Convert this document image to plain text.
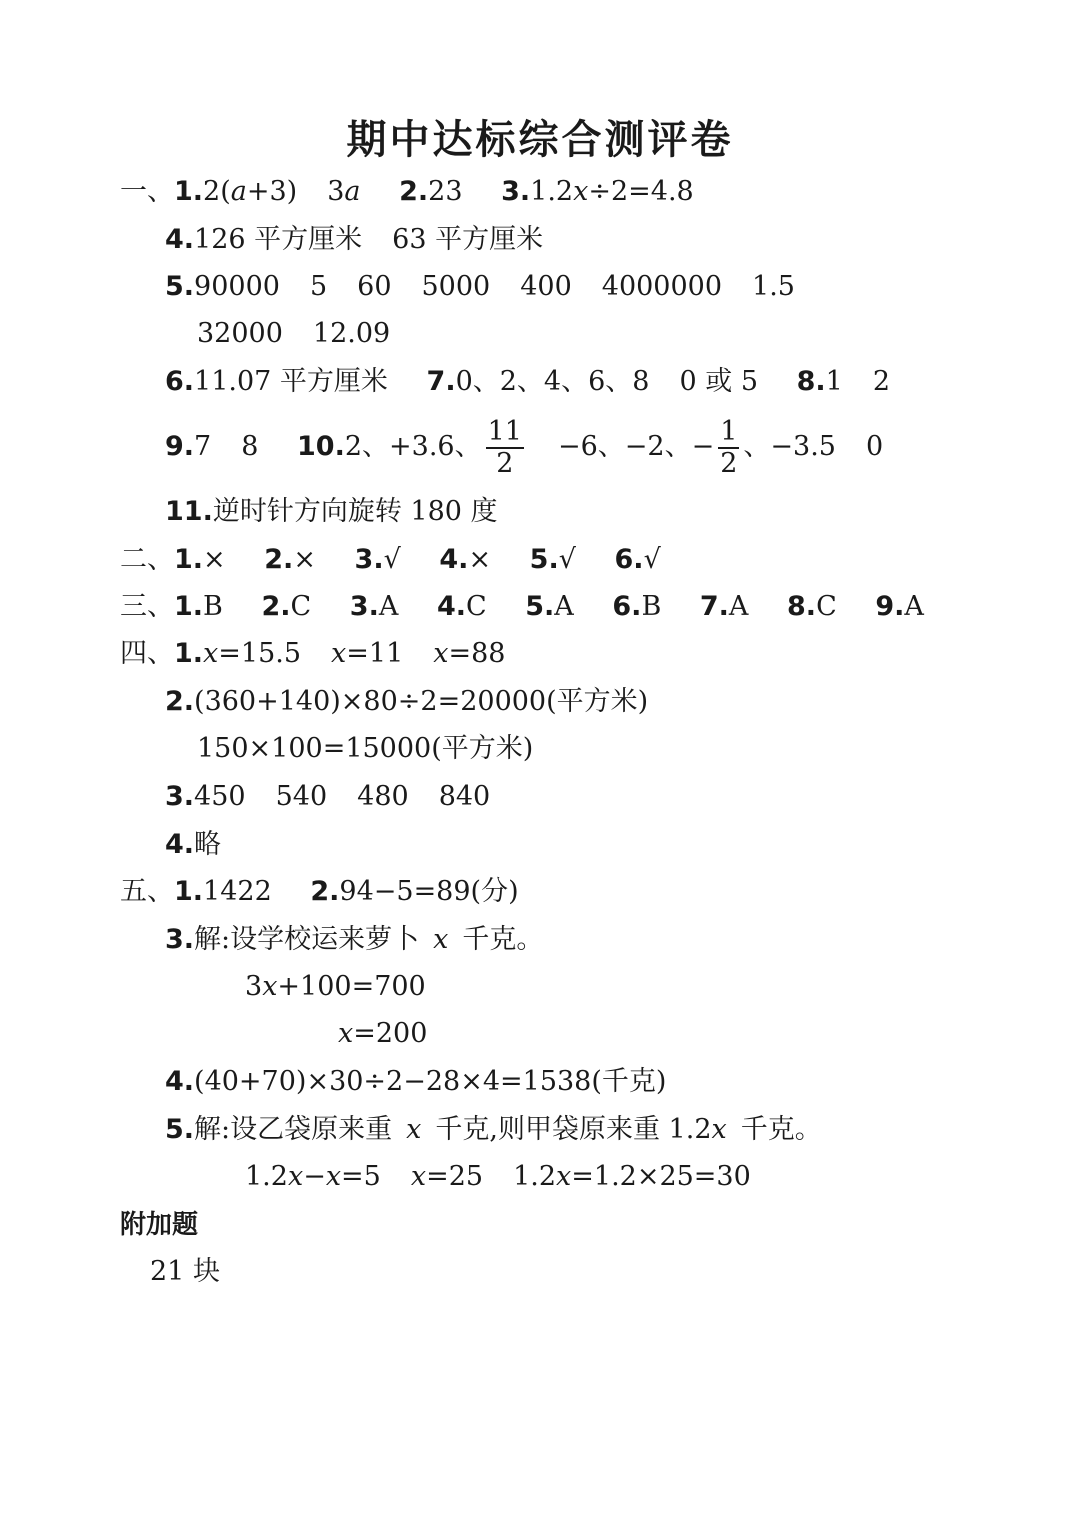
期中达标综合测评卷
一、1.2(a+3) 3a 2.23 3.1.2x÷2=4.8
4.126 平方厘米 63 平方厘米
5.90000 5 60 5000 400 4000000 1.5
32000 12.09
6.11.07 平方厘米 7.0、2、4、6、8 0 或 5 8.1 2
9.7 8 10.2、+3.6、 $\frac{11}{2} -6$、−2、− $\frac{1}{2}$ 、−3.5 0
11.逆时针方向旋转 180 度
二、1.× 2.× 3.√ 4.× 5.√ 6.√
三、1.B 2.C 3.A 4.C 5.A 6.B 7.A 8.C 9.A
四、1.x=15.5 x=11 x=88
2.(360+140)×80÷2=20000(平方米)
150×100=15000(平方米)
3.450 540 480 840
4.略
五、1.1422 2.94−5=89(分)
3.解:设学校运来萝卜 x 千克。
3x+100=700
x=200
4.(40+70)×30÷2−28×4=1538(千克)
5.解:设乙袋原来重 x 千克,则甲袋原来重 1.2x 千克。
1.2x−x=5 x=25 1.2x=1.2×25=30
附加题
21 块
